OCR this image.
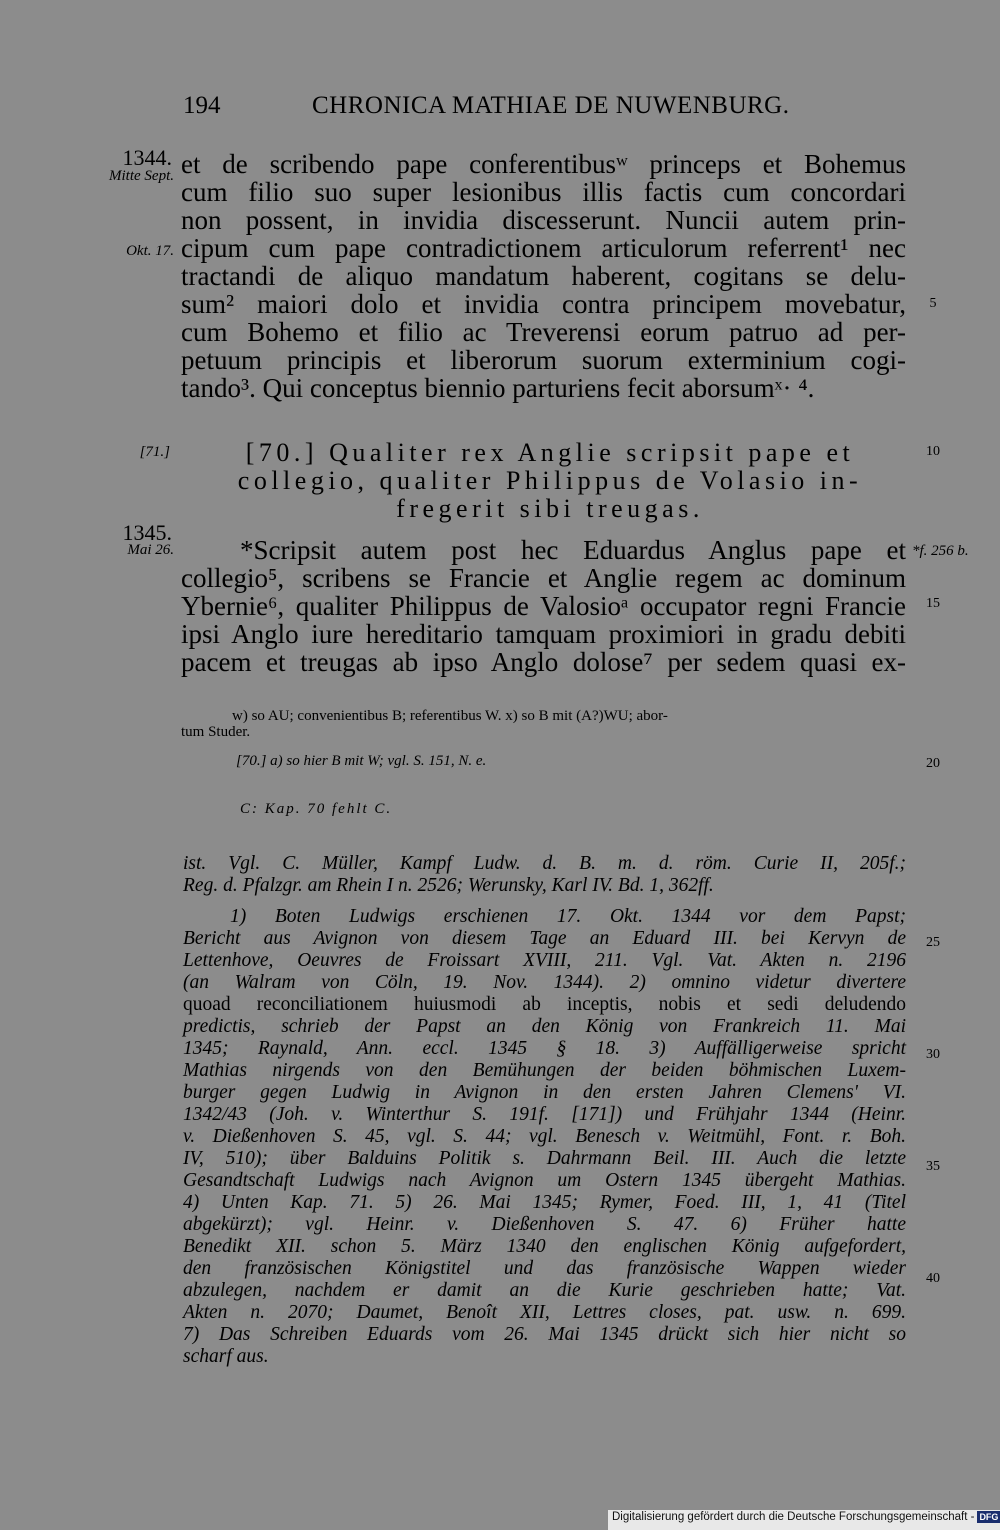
194	CHRONICA MATHIAE DE NUWENBURG.
1344.
Mitte Sept.
Okt. 17.
[71.]
1345.
Mai 26.	*f. 256 b.
5
10
15
20
25
30
35
40
et de scribendo pape conferentibusʷ princeps et Bohemus
cum filio suo super lesionibus illis factis cum concordari
non possent, in invidia discesserunt. Nuncii autem prin-
cipum cum pape contradictionem articulorum referrent¹ nec
tractandi de aliquo mandatum haberent, cogitans se delu-
sum² maiori dolo et invidia contra principem movebatur,
cum Bohemo et filio ac Treverensi eorum patruo ad per-
petuum principis et liberorum suorum exterminium cogi-
tando³. Qui conceptus biennio parturiens fecit aborsumˣ· ⁴.
[70.] Qualiter rex Anglie scripsit pape et
collegio, qualiter Philippus de Volasio in-
fregerit sibi treugas.
*Scripsit autem post hec Eduardus Anglus pape et
collegio⁵, scribens se Francie et Anglie regem ac dominum
Ybernie⁶, qualiter Philippus de Valosioᵃ occupator regni Francie
ipsi Anglo iure hereditario tamquam proximiori in gradu debiti
pacem et treugas ab ipso Anglo dolose⁷ per sedem quasi ex-
w) so AU; convenientibus B; referentibus W. x) so B mit (A?)WU; abor-
tum Studer.
[70.] a) so hier B mit W; vgl. S. 151, N. e.
C: Kap. 70 fehlt C.
ist. Vgl. C. Müller, Kampf Ludw. d. B. m. d. röm. Curie II, 205f.;
Reg. d. Pfalzgr. am Rhein I n. 2526; Werunsky, Karl IV. Bd. 1, 362ff.
1) Boten Ludwigs erschienen 17. Okt. 1344 vor dem Papst;
Bericht aus Avignon von diesem Tage an Eduard III. bei Kervyn de
Lettenhove, Oeuvres de Froissart XVIII, 211. Vgl. Vat. Akten n. 2196
(an Walram von Cöln, 19. Nov. 1344). 2) omnino videtur divertere
quoad reconciliationem huiusmodi ab inceptis, nobis et sedi deludendo
predictis, schrieb der Papst an den König von Frankreich 11. Mai
1345; Raynald, Ann. eccl. 1345 § 18. 3) Auffälligerweise spricht
Mathias nirgends von den Bemühungen der beiden böhmischen Luxem-
burger gegen Ludwig in Avignon in den ersten Jahren Clemens' VI.
1342/43 (Joh. v. Winterthur S. 191f. [171]) und Frühjahr 1344 (Heinr.
v. Dießenhoven S. 45, vgl. S. 44; vgl. Benesch v. Weitmühl, Font. r. Boh.
IV, 510); über Balduins Politik s. Dahrmann Beil. III. Auch die letzte
Gesandtschaft Ludwigs nach Avignon um Ostern 1345 übergeht Mathias.
4) Unten Kap. 71. 5) 26. Mai 1345; Rymer, Foed. III, 1, 41 (Titel
abgekürzt); vgl. Heinr. v. Dießenhoven S. 47. 6) Früher hatte
Benedikt XII. schon 5. März 1340 den englischen König aufgefordert,
den französischen Königstitel und das französische Wappen wieder
abzulegen, nachdem er damit an die Kurie geschrieben hatte; Vat.
Akten n. 2070; Daumet, Benoît XII, Lettres closes, pat. usw. n. 699.
7) Das Schreiben Eduards vom 26. Mai 1345 drückt sich hier nicht so
scharf aus.
Digitalisierung gefördert durch die Deutsche Forschungsgemeinschaft - DFG
